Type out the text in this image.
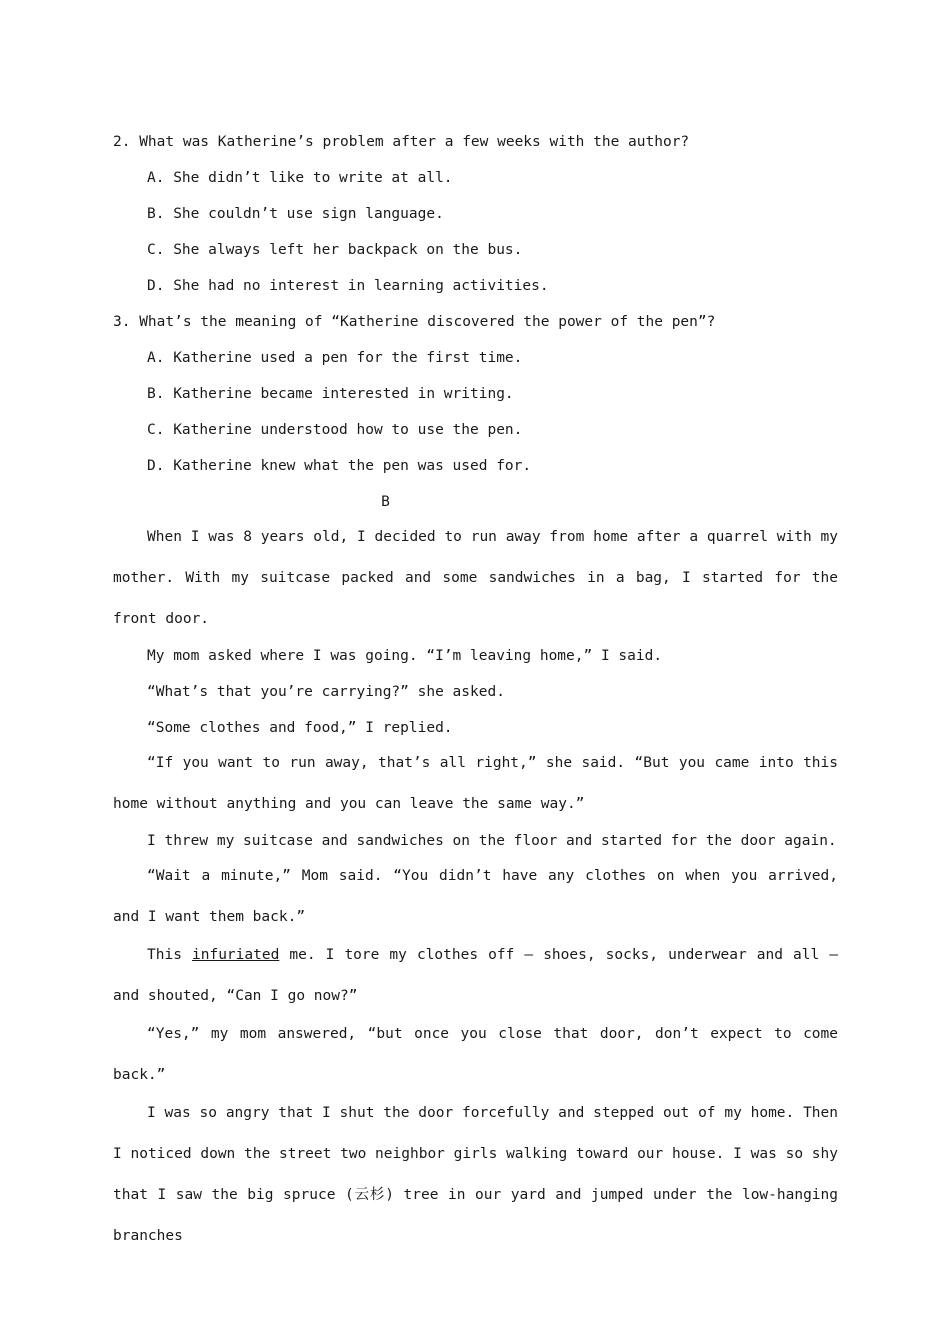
2. What was Katherine’s problem after a few weeks with the author?
A. She didn’t like to write at all.
B. She couldn’t use sign language.
C. She always left her backpack on the bus.
D. She had no interest in learning activities.
3. What’s the meaning of “Katherine discovered the power of the pen”?
A. Katherine used a pen for the first time.
B. Katherine became interested in writing.
C. Katherine understood how to use the pen.
D. Katherine knew what the pen was used for.
B

When I was 8 years old, I decided to run away from home after a quarrel with my mother. With my suitcase packed and some sandwiches in a bag, I started for the front door.

My mom asked where I was going. “I’m leaving home,” I said.

“What’s that you’re carrying?” she asked.

“Some clothes and food,” I replied.

“If you want to run away, that’s all right,” she said. “But you came into this home without anything and you can leave the same way.”

I threw my suitcase and sandwiches on the floor and started for the door again.

“Wait a minute,” Mom said. “You didn’t have any clothes on when you arrived, and I want them back.”

This infuriated me. I tore my clothes off — shoes, socks, underwear and all — and shouted, “Can I go now?”

“Yes,” my mom answered, “but once you close that door, don’t expect to come back.”

I was so angry that I shut the door forcefully and stepped out of my home. Then I noticed down the street two neighbor girls walking toward our house. I was so shy that I saw the big spruce (云杉) tree in our yard and jumped under the low-hanging branches
